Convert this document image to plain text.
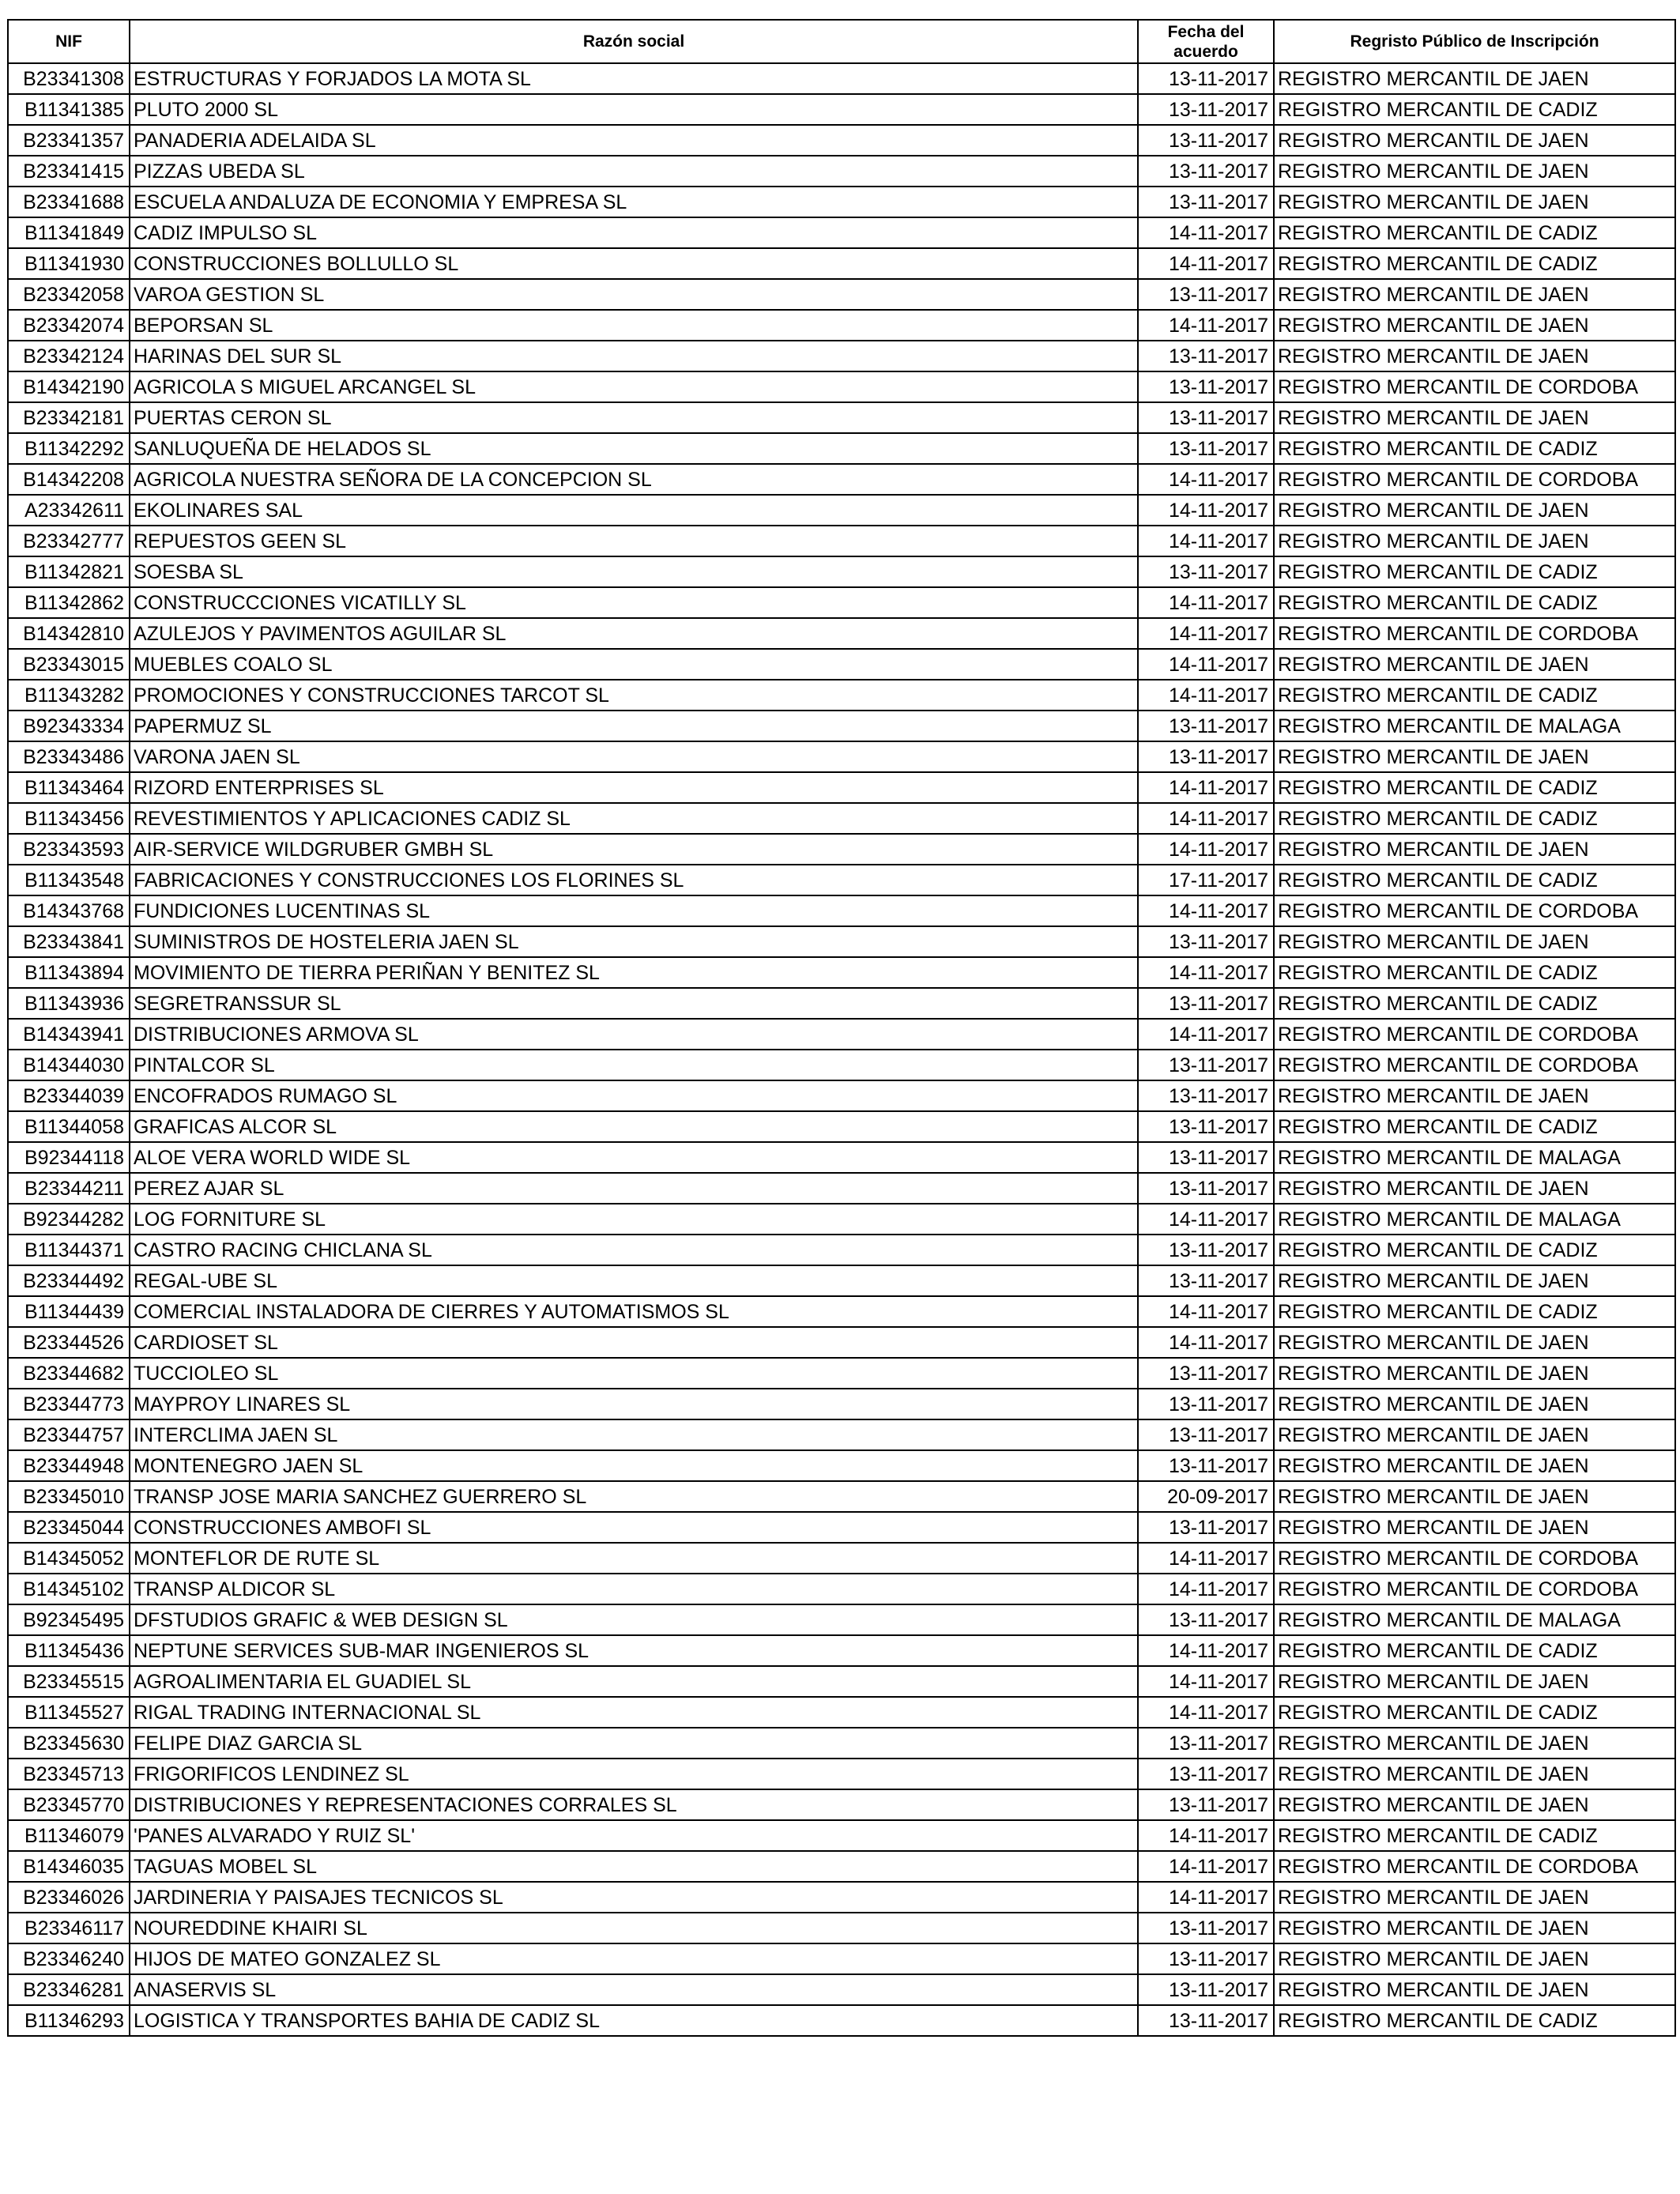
NIF	Razón social	Fecha del acuerdo	Regristo Público de Inscripción
B23341308	ESTRUCTURAS Y FORJADOS LA MOTA SL	13-11-2017	REGISTRO MERCANTIL DE JAEN
B11341385	PLUTO 2000 SL	13-11-2017	REGISTRO MERCANTIL DE CADIZ
B23341357	PANADERIA ADELAIDA SL	13-11-2017	REGISTRO MERCANTIL DE JAEN
B23341415	PIZZAS UBEDA SL	13-11-2017	REGISTRO MERCANTIL DE JAEN
B23341688	ESCUELA ANDALUZA DE ECONOMIA Y EMPRESA SL	13-11-2017	REGISTRO MERCANTIL DE JAEN
B11341849	CADIZ IMPULSO SL	14-11-2017	REGISTRO MERCANTIL DE CADIZ
B11341930	CONSTRUCCIONES BOLLULLO SL	14-11-2017	REGISTRO MERCANTIL DE CADIZ
B23342058	VAROA GESTION SL	13-11-2017	REGISTRO MERCANTIL DE JAEN
B23342074	BEPORSAN SL	14-11-2017	REGISTRO MERCANTIL DE JAEN
B23342124	HARINAS DEL SUR SL	13-11-2017	REGISTRO MERCANTIL DE JAEN
B14342190	AGRICOLA S MIGUEL ARCANGEL SL	13-11-2017	REGISTRO MERCANTIL DE CORDOBA
B23342181	PUERTAS CERON SL	13-11-2017	REGISTRO MERCANTIL DE JAEN
B11342292	SANLUQUEÑA DE HELADOS SL	13-11-2017	REGISTRO MERCANTIL DE CADIZ
B14342208	AGRICOLA NUESTRA SEÑORA DE LA CONCEPCION SL	14-11-2017	REGISTRO MERCANTIL DE CORDOBA
A23342611	EKOLINARES SAL	14-11-2017	REGISTRO MERCANTIL DE JAEN
B23342777	REPUESTOS GEEN SL	14-11-2017	REGISTRO MERCANTIL DE JAEN
B11342821	SOESBA SL	13-11-2017	REGISTRO MERCANTIL DE CADIZ
B11342862	CONSTRUCCCIONES VICATILLY SL	14-11-2017	REGISTRO MERCANTIL DE CADIZ
B14342810	AZULEJOS Y PAVIMENTOS AGUILAR SL	14-11-2017	REGISTRO MERCANTIL DE CORDOBA
B23343015	MUEBLES COALO SL	14-11-2017	REGISTRO MERCANTIL DE JAEN
B11343282	PROMOCIONES Y CONSTRUCCIONES TARCOT SL	14-11-2017	REGISTRO MERCANTIL DE CADIZ
B92343334	PAPERMUZ SL	13-11-2017	REGISTRO MERCANTIL DE MALAGA
B23343486	VARONA JAEN SL	13-11-2017	REGISTRO MERCANTIL DE JAEN
B11343464	RIZORD ENTERPRISES SL	14-11-2017	REGISTRO MERCANTIL DE CADIZ
B11343456	REVESTIMIENTOS Y APLICACIONES CADIZ SL	14-11-2017	REGISTRO MERCANTIL DE CADIZ
B23343593	AIR-SERVICE WILDGRUBER GMBH SL	14-11-2017	REGISTRO MERCANTIL DE JAEN
B11343548	FABRICACIONES Y CONSTRUCCIONES LOS FLORINES SL	17-11-2017	REGISTRO MERCANTIL DE CADIZ
B14343768	FUNDICIONES LUCENTINAS SL	14-11-2017	REGISTRO MERCANTIL DE CORDOBA
B23343841	SUMINISTROS DE HOSTELERIA JAEN SL	13-11-2017	REGISTRO MERCANTIL DE JAEN
B11343894	MOVIMIENTO DE TIERRA PERIÑAN Y BENITEZ SL	14-11-2017	REGISTRO MERCANTIL DE CADIZ
B11343936	SEGRETRANSSUR SL	13-11-2017	REGISTRO MERCANTIL DE CADIZ
B14343941	DISTRIBUCIONES ARMOVA SL	14-11-2017	REGISTRO MERCANTIL DE CORDOBA
B14344030	PINTALCOR SL	13-11-2017	REGISTRO MERCANTIL DE CORDOBA
B23344039	ENCOFRADOS RUMAGO SL	13-11-2017	REGISTRO MERCANTIL DE JAEN
B11344058	GRAFICAS ALCOR SL	13-11-2017	REGISTRO MERCANTIL DE CADIZ
B92344118	ALOE VERA WORLD WIDE SL	13-11-2017	REGISTRO MERCANTIL DE MALAGA
B23344211	PEREZ AJAR SL	13-11-2017	REGISTRO MERCANTIL DE JAEN
B92344282	LOG FORNITURE SL	14-11-2017	REGISTRO MERCANTIL DE MALAGA
B11344371	CASTRO RACING CHICLANA SL	13-11-2017	REGISTRO MERCANTIL DE CADIZ
B23344492	REGAL-UBE SL	13-11-2017	REGISTRO MERCANTIL DE JAEN
B11344439	COMERCIAL INSTALADORA DE CIERRES Y AUTOMATISMOS SL	14-11-2017	REGISTRO MERCANTIL DE CADIZ
B23344526	CARDIOSET SL	14-11-2017	REGISTRO MERCANTIL DE JAEN
B23344682	TUCCIOLEO SL	13-11-2017	REGISTRO MERCANTIL DE JAEN
B23344773	MAYPROY LINARES SL	13-11-2017	REGISTRO MERCANTIL DE JAEN
B23344757	INTERCLIMA JAEN SL	13-11-2017	REGISTRO MERCANTIL DE JAEN
B23344948	MONTENEGRO JAEN SL	13-11-2017	REGISTRO MERCANTIL DE JAEN
B23345010	TRANSP JOSE MARIA SANCHEZ GUERRERO SL	20-09-2017	REGISTRO MERCANTIL DE JAEN
B23345044	CONSTRUCCIONES AMBOFI SL	13-11-2017	REGISTRO MERCANTIL DE JAEN
B14345052	MONTEFLOR DE RUTE SL	14-11-2017	REGISTRO MERCANTIL DE CORDOBA
B14345102	TRANSP ALDICOR SL	14-11-2017	REGISTRO MERCANTIL DE CORDOBA
B92345495	DFSTUDIOS GRAFIC & WEB DESIGN SL	13-11-2017	REGISTRO MERCANTIL DE MALAGA
B11345436	NEPTUNE SERVICES SUB-MAR INGENIEROS SL	14-11-2017	REGISTRO MERCANTIL DE CADIZ
B23345515	AGROALIMENTARIA EL GUADIEL SL	14-11-2017	REGISTRO MERCANTIL DE JAEN
B11345527	RIGAL TRADING INTERNACIONAL SL	14-11-2017	REGISTRO MERCANTIL DE CADIZ
B23345630	FELIPE DIAZ GARCIA SL	13-11-2017	REGISTRO MERCANTIL DE JAEN
B23345713	FRIGORIFICOS LENDINEZ SL	13-11-2017	REGISTRO MERCANTIL DE JAEN
B23345770	DISTRIBUCIONES Y REPRESENTACIONES CORRALES SL	13-11-2017	REGISTRO MERCANTIL DE JAEN
B11346079	'PANES ALVARADO Y RUIZ SL'	14-11-2017	REGISTRO MERCANTIL DE CADIZ
B14346035	TAGUAS MOBEL SL	14-11-2017	REGISTRO MERCANTIL DE CORDOBA
B23346026	JARDINERIA Y PAISAJES TECNICOS SL	14-11-2017	REGISTRO MERCANTIL DE JAEN
B23346117	NOUREDDINE KHAIRI SL	13-11-2017	REGISTRO MERCANTIL DE JAEN
B23346240	HIJOS DE MATEO GONZALEZ SL	13-11-2017	REGISTRO MERCANTIL DE JAEN
B23346281	ANASERVIS SL	13-11-2017	REGISTRO MERCANTIL DE JAEN
B11346293	LOGISTICA Y TRANSPORTES BAHIA DE CADIZ SL	13-11-2017	REGISTRO MERCANTIL DE CADIZ
